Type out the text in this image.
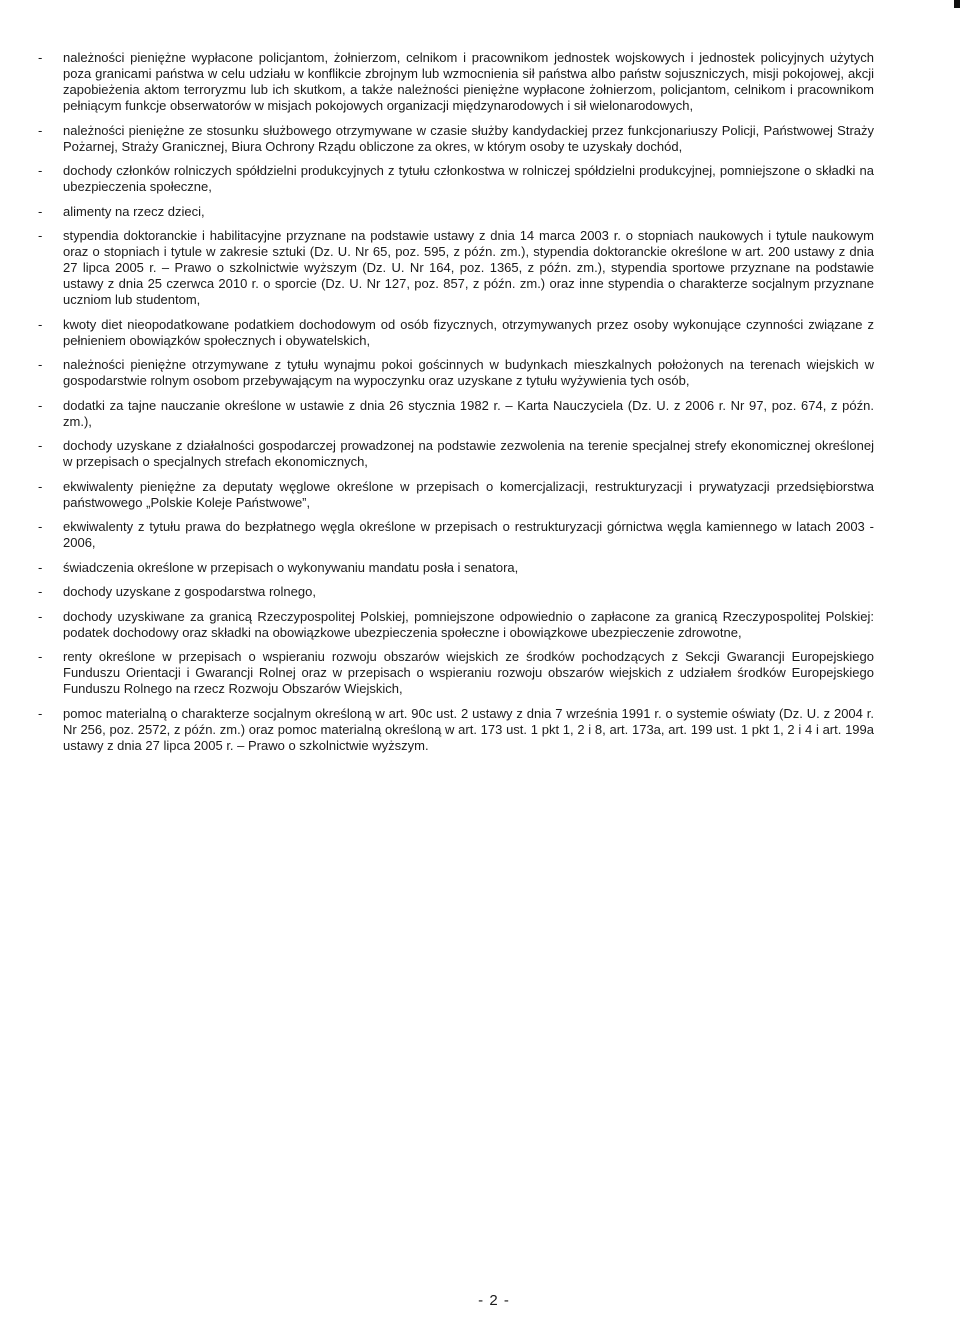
-	należności pieniężne wypłacone policjantom, żołnierzom, celnikom i pracownikom jednostek wojskowych i jednostek policyjnych użytych poza granicami państwa w celu udziału w konflikcie zbrojnym lub wzmocnienia sił państwa albo państw sojuszniczych, misji pokojowej, akcji zapobieżenia aktom terroryzmu lub ich skutkom, a także należności pieniężne wypłacone żołnierzom, policjantom, celnikom i pracownikom pełniącym funkcje obserwatorów w misjach pokojowych organizacji międzynarodowych i sił wielonarodowych,
-	należności pieniężne ze stosunku służbowego otrzymywane w czasie służby kandydackiej przez funkcjonariuszy Policji, Państwowej Straży Pożarnej, Straży Granicznej, Biura Ochrony Rządu obliczone za okres, w którym osoby te uzyskały dochód,
-	dochody członków rolniczych spółdzielni produkcyjnych z tytułu członkostwa w rolniczej spółdzielni produkcyjnej, pomniejszone o składki na ubezpieczenia społeczne,
-	alimenty na rzecz dzieci,
-	stypendia doktoranckie i habilitacyjne przyznane na podstawie ustawy z dnia 14 marca 2003 r. o stopniach naukowych i tytule naukowym oraz o stopniach i tytule w zakresie sztuki (Dz. U. Nr 65, poz. 595, z późn. zm.), stypendia doktoranckie określone w art. 200 ustawy z dnia 27 lipca 2005 r. – Prawo o szkolnictwie wyższym (Dz. U. Nr 164, poz. 1365, z późn. zm.), stypendia sportowe przyznane na podstawie ustawy z dnia 25 czerwca 2010 r. o sporcie (Dz. U. Nr 127, poz. 857, z późn. zm.) oraz inne stypendia o charakterze socjalnym przyznane uczniom lub studentom,
-	kwoty diet nieopodatkowane podatkiem dochodowym od osób fizycznych, otrzymywanych przez osoby wykonujące czynności związane z pełnieniem obowiązków społecznych i obywatelskich,
-	należności pieniężne otrzymywane z tytułu wynajmu pokoi gościnnych w budynkach mieszkalnych położonych na terenach wiejskich w gospodarstwie rolnym osobom przebywającym na wypoczynku oraz uzyskane z tytułu wyżywienia tych osób,
-	dodatki za tajne nauczanie określone w ustawie z dnia 26 stycznia 1982 r. – Karta Nauczyciela (Dz. U. z 2006 r. Nr 97, poz. 674, z późn. zm.),
-	dochody uzyskane z działalności gospodarczej prowadzonej na podstawie zezwolenia na terenie specjalnej strefy ekonomicznej określonej w przepisach o specjalnych strefach ekonomicznych,
-	ekwiwalenty pieniężne za deputaty węglowe określone w przepisach o komercjalizacji, restrukturyzacji i prywatyzacji przedsiębiorstwa państwowego „Polskie Koleje Państwowe”,
-	ekwiwalenty z tytułu prawa do bezpłatnego węgla określone w przepisach o restrukturyzacji górnictwa węgla kamiennego w latach 2003 - 2006,
-	świadczenia określone w przepisach o wykonywaniu mandatu posła i senatora,
-	dochody uzyskane z gospodarstwa rolnego,
-	dochody uzyskiwane za granicą Rzeczypospolitej Polskiej, pomniejszone odpowiednio o zapłacone za granicą Rzeczypospolitej Polskiej: podatek dochodowy oraz składki na obowiązkowe ubezpieczenia społeczne i obowiązkowe ubezpieczenie zdrowotne,
-	renty określone w przepisach o wspieraniu rozwoju obszarów wiejskich ze środków pochodzących z Sekcji Gwarancji Europejskiego Funduszu Orientacji i Gwarancji Rolnej oraz w przepisach o wspieraniu rozwoju obszarów wiejskich z udziałem środków Europejskiego Funduszu Rolnego na rzecz Rozwoju Obszarów Wiejskich,
-	pomoc materialną o charakterze socjalnym określoną w art. 90c ust. 2 ustawy z dnia 7 września 1991 r. o systemie oświaty (Dz. U. z 2004 r. Nr 256, poz. 2572, z późn. zm.) oraz pomoc materialną określoną w art. 173 ust. 1 pkt 1, 2 i 8, art. 173a, art. 199 ust. 1 pkt 1, 2 i 4 i art. 199a ustawy z dnia 27 lipca 2005 r. – Prawo o szkolnictwie wyższym.
- 2 -
